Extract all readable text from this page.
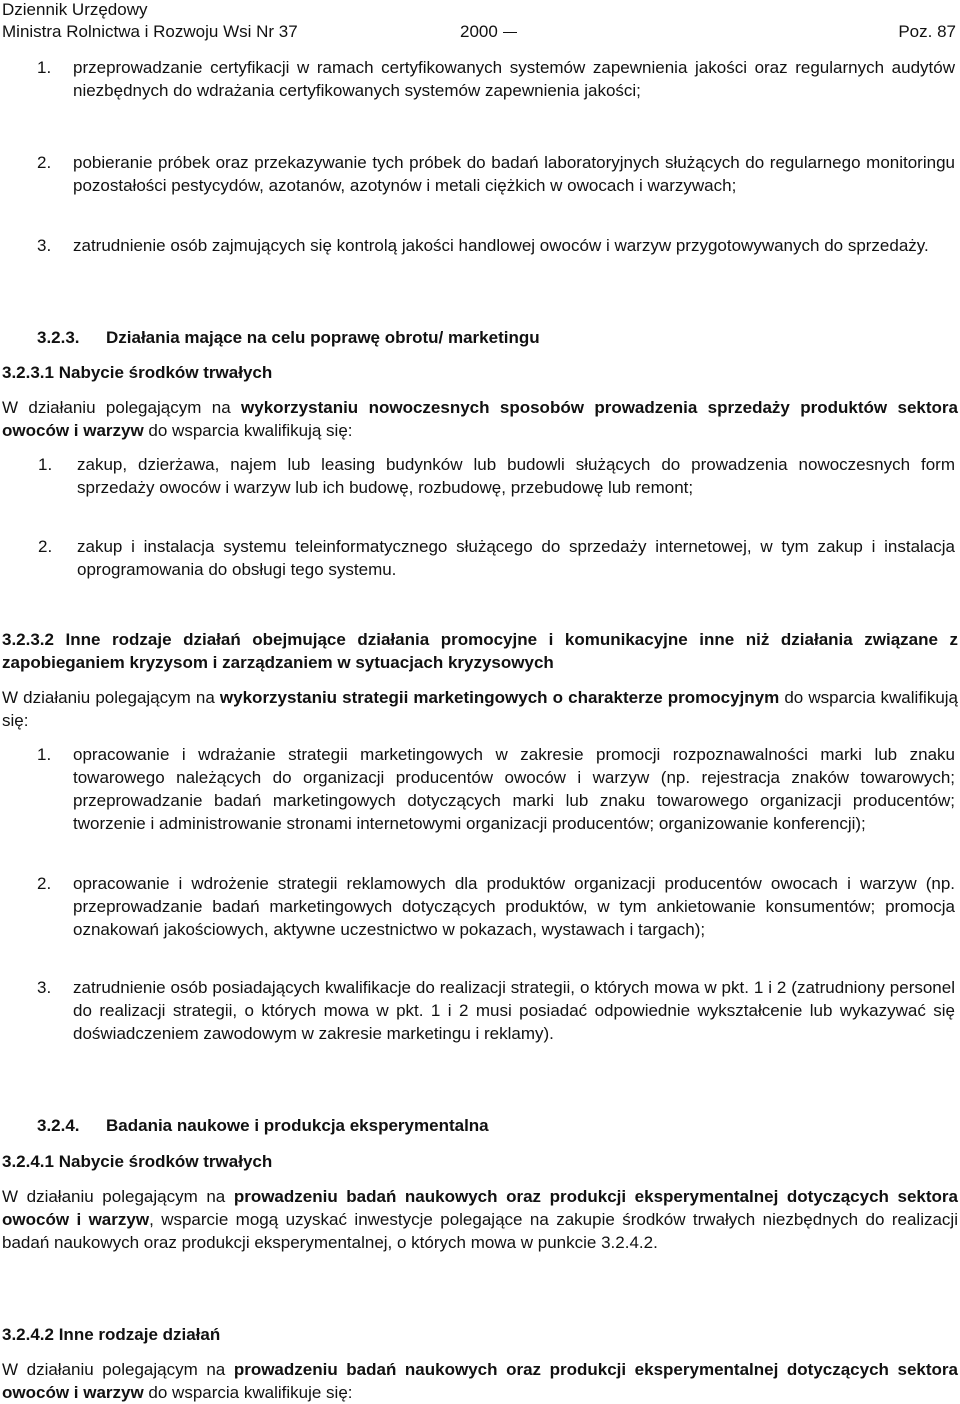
Dziennik Urzędowy
Ministra Rolnictwa i Rozwoju Wsi Nr 37	2000	Poz. 87
1. przeprowadzanie certyfikacji w ramach certyfikowanych systemów zapewnienia jakości oraz regularnych audytów niezbędnych do wdrażania certyfikowanych systemów zapewnienia jakości;
2. pobieranie próbek oraz przekazywanie tych próbek do badań laboratoryjnych służących do regularnego monitoringu pozostałości pestycydów, azotanów, azotynów i metali ciężkich w owocach i warzywach;
3. zatrudnienie osób zajmujących się kontrolą jakości handlowej owoców i warzyw przygotowywanych do sprzedaży.
3.2.3. Działania mające na celu poprawę obrotu/ marketingu
3.2.3.1 Nabycie środków trwałych
W działaniu polegającym na wykorzystaniu nowoczesnych sposobów prowadzenia sprzedaży produktów sektora owoców i warzyw do wsparcia kwalifikują się:
1. zakup, dzierżawa, najem lub leasing budynków lub budowli służących do prowadzenia nowoczesnych form sprzedaży owoców i warzyw lub ich budowę, rozbudowę, przebudowę lub remont;
2. zakup i instalacja systemu teleinformatycznego służącego do sprzedaży internetowej, w tym zakup i instalacja oprogramowania do obsługi tego systemu.
3.2.3.2 Inne rodzaje działań obejmujące działania promocyjne i komunikacyjne inne niż działania związane z zapobieganiem kryzysom i zarządzaniem w sytuacjach kryzysowych
W działaniu polegającym na wykorzystaniu strategii marketingowych o charakterze promocyjnym do wsparcia kwalifikują się:
1. opracowanie i wdrażanie strategii marketingowych w zakresie promocji rozpoznawalności marki lub znaku towarowego należących do organizacji producentów owoców i warzyw (np. rejestracja znaków towarowych; przeprowadzanie badań marketingowych dotyczących marki lub znaku towarowego organizacji producentów; tworzenie i administrowanie stronami internetowymi organizacji producentów; organizowanie konferencji);
2. opracowanie i wdrożenie strategii reklamowych dla produktów organizacji producentów owocach i warzyw (np. przeprowadzanie badań marketingowych dotyczących produktów, w tym ankietowanie konsumentów; promocja oznakowań jakościowych, aktywne uczestnictwo w pokazach, wystawach i targach);
3. zatrudnienie osób posiadających kwalifikacje do realizacji strategii, o których mowa w pkt. 1 i 2 (zatrudniony personel do realizacji strategii, o których mowa w pkt. 1 i 2 musi posiadać odpowiednie wykształcenie lub wykazywać się doświadczeniem zawodowym w zakresie marketingu i reklamy).
3.2.4. Badania naukowe i produkcja eksperymentalna
3.2.4.1 Nabycie środków trwałych
W działaniu polegającym na prowadzeniu badań naukowych oraz produkcji eksperymentalnej dotyczących sektora owoców i warzyw, wsparcie mogą uzyskać inwestycje polegające na zakupie środków trwałych niezbędnych do realizacji badań naukowych oraz produkcji eksperymentalnej, o których mowa w punkcie 3.2.4.2.
3.2.4.2 Inne rodzaje działań
W działaniu polegającym na prowadzeniu badań naukowych oraz produkcji eksperymentalnej dotyczących sektora owoców i warzyw do wsparcia kwalifikuje się:
